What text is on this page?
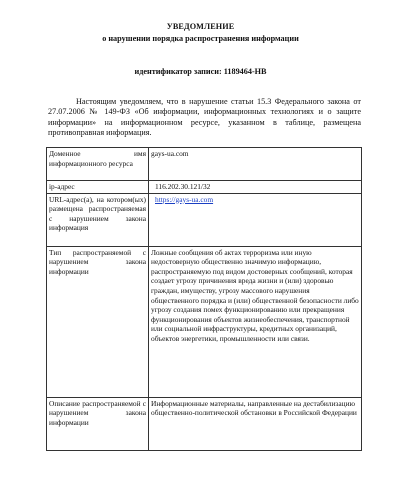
УВЕДОМЛЕНИЕ
о нарушении порядка распространения информации
идентификатор записи: 1189464-НВ
Настоящим уведомляем, что в нарушение статьи 15.3 Федерального закона от 27.07.2006 № 149-ФЗ «Об информации, информационных технологиях и о защите информации» на информационном ресурсе, указанном в таблице, размещена противоправная информация.
Доменное имя информационного ресурса	gays-ua.com
ip-адрес	116.202.30.121/32
URL-адрес(а), на котором(ых) размещена распространяемая с нарушением закона информация	https://gays-ua.com
Тип распространяемой с нарушением закона информации	Ложные сообщения об актах терроризма или иную недостоверную общественно значимую информацию, распространяемую под видом достоверных сообщений, которая создает угрозу причинения вреда жизни и (или) здоровью граждан, имуществу, угрозу массового нарушения общественного порядка и (или) общественной безопасности либо угрозу создания помех функционированию или прекращения функционирования объектов жизнеобеспечения, транспортной или социальной инфраструктуры, кредитных организаций, объектов энергетики, промышленности или связи.
Описание распространяемой с нарушением закона информации	Информационные материалы, направленные на дестабилизацию общественно-политической обстановки в Российской Федерации
